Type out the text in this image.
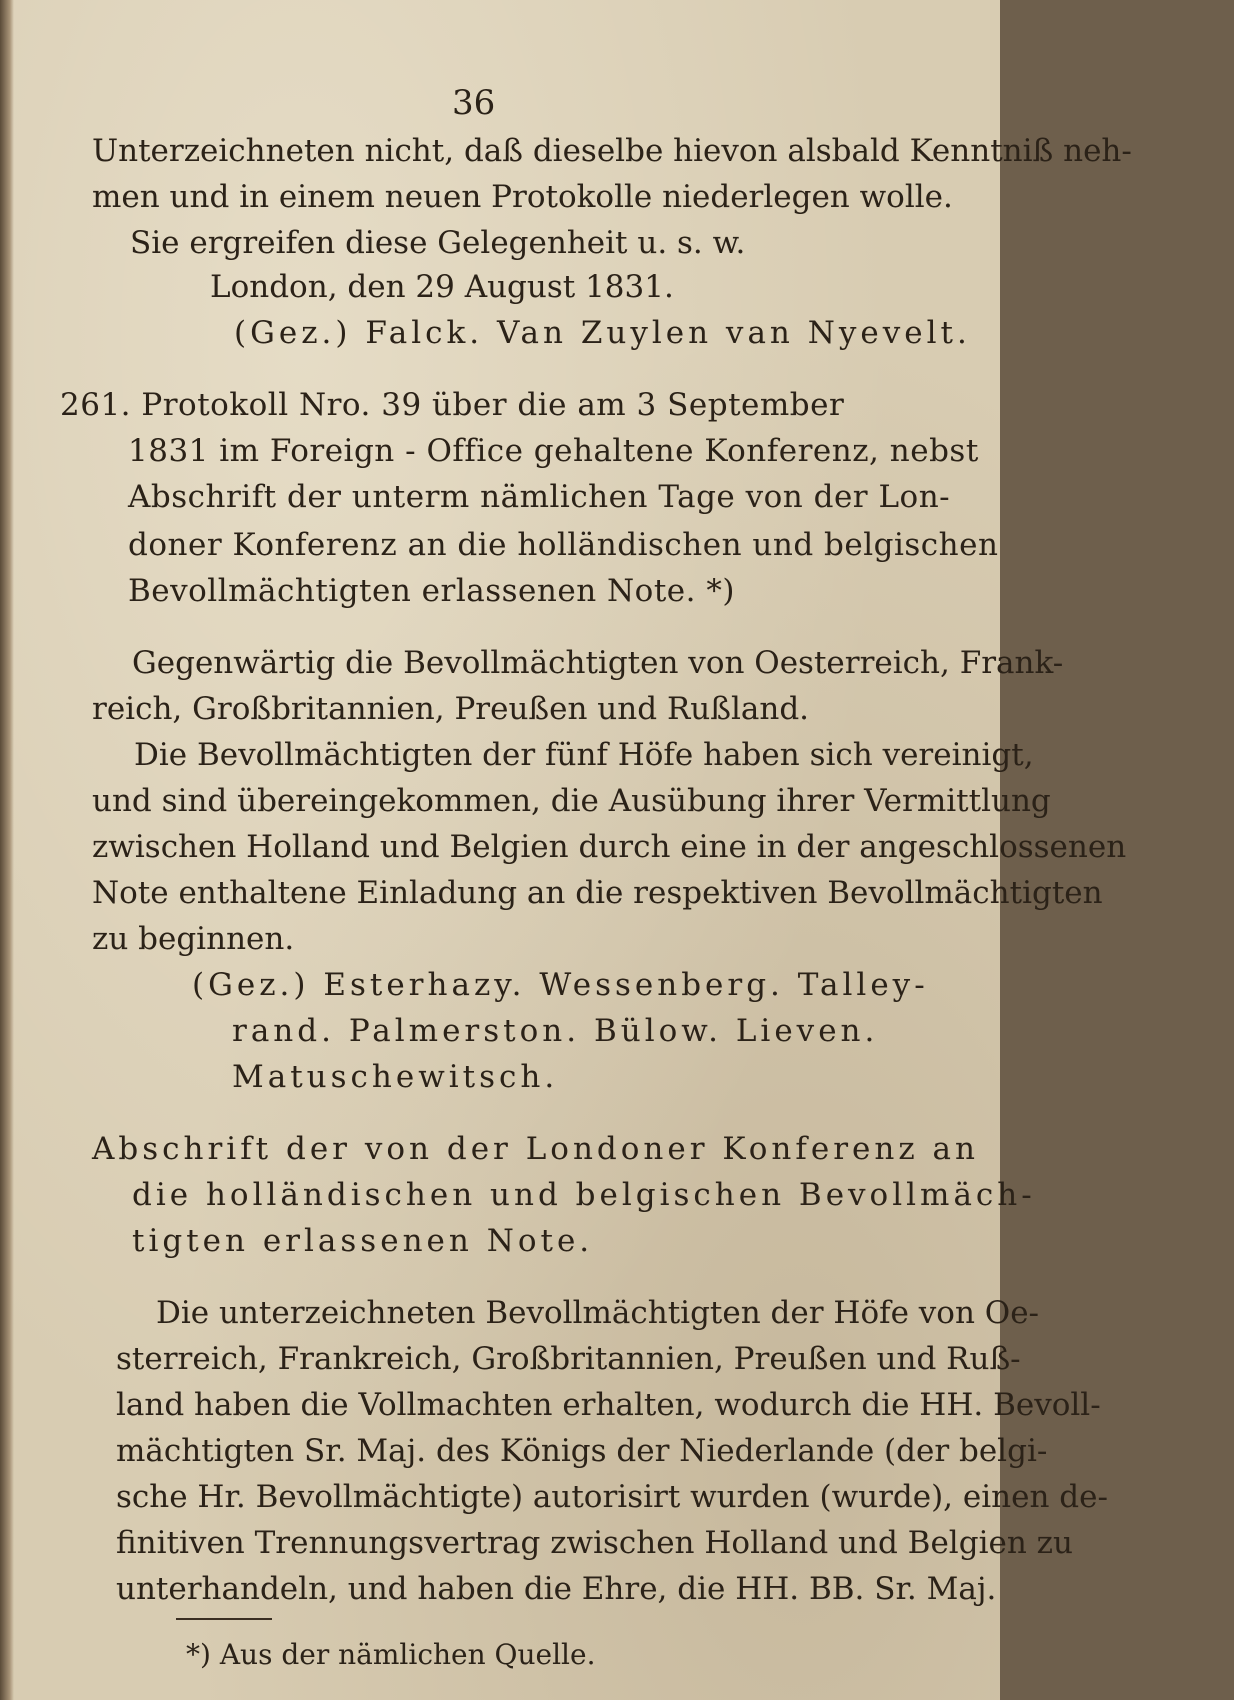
36
Unterzeichneten nicht, daß dieselbe hievon alsbald Kenntniß neh-
men und in einem neuen Protokolle niederlegen wolle.
Sie ergreifen diese Gelegenheit u. s. w.
London, den 29 August 1831.
(Gez.) Falck. Van Zuylen van Nyevelt.
261. Protokoll Nro. 39 über die am 3 September
1831 im Foreign - Office gehaltene Konferenz, nebst
Abschrift der unterm nämlichen Tage von der Lon-
doner Konferenz an die holländischen und belgischen
Bevollmächtigten erlassenen Note. *)
Gegenwärtig die Bevollmächtigten von Oesterreich, Frank-
reich, Großbritannien, Preußen und Rußland.
Die Bevollmächtigten der fünf Höfe haben sich vereinigt,
und sind übereingekommen, die Ausübung ihrer Vermittlung
zwischen Holland und Belgien durch eine in der angeschlossenen
Note enthaltene Einladung an die respektiven Bevollmächtigten
zu beginnen.
(Gez.) Esterhazy. Wessenberg. Talley-
rand. Palmerston. Bülow. Lieven.
Matuschewitsch.
Abschrift der von der Londoner Konferenz an
die holländischen und belgischen Bevollmäch-
tigten erlassenen Note.
Die unterzeichneten Bevollmächtigten der Höfe von Oe-
sterreich, Frankreich, Großbritannien, Preußen und Ruß-
land haben die Vollmachten erhalten, wodurch die HH. Bevoll-
mächtigten Sr. Maj. des Königs der Niederlande (der belgi-
sche Hr. Bevollmächtigte) autorisirt wurden (wurde), einen de-
finitiven Trennungsvertrag zwischen Holland und Belgien zu
unterhandeln, und haben die Ehre, die HH. BB. Sr. Maj.
*) Aus der nämlichen Quelle.
